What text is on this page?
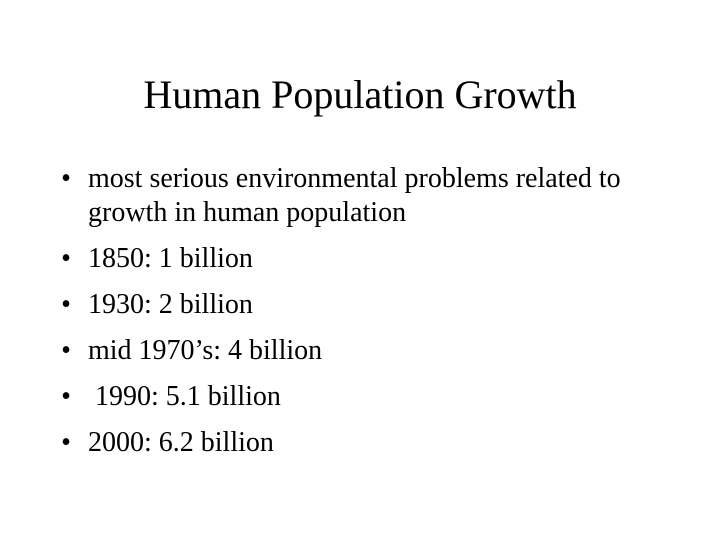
Human Population Growth
• most serious environmental problems related to growth in human population
• 1850: 1 billion
• 1930: 2 billion
• mid 1970’s: 4 billion
• 1990: 5.1 billion
• 2000: 6.2 billion
